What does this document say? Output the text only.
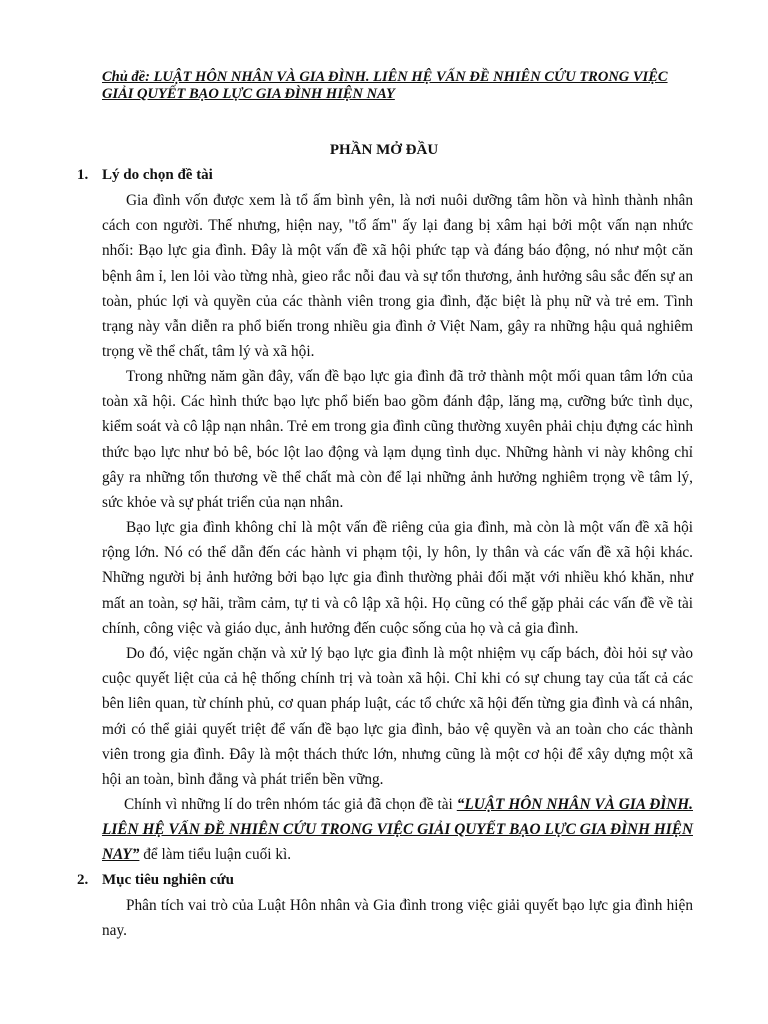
Chủ đề: LUẬT HÔN NHÂN VÀ GIA ĐÌNH. LIÊN HỆ VẤN ĐỀ NHIÊN CỨU TRONG VIỆC GIẢI QUYẾT BẠO LỰC GIA ĐÌNH HIỆN NAY
PHẦN MỞ ĐẦU
1. Lý do chọn đề tài

Gia đình vốn được xem là tổ ấm bình yên, là nơi nuôi dưỡng tâm hồn và hình thành nhân cách con người. Thế nhưng, hiện nay, "tổ ấm" ấy lại đang bị xâm hại bởi một vấn nạn nhức nhối: Bạo lực gia đình. Đây là một vấn đề xã hội phức tạp và đáng báo động, nó như một căn bệnh âm ỉ, len lỏi vào từng nhà, gieo rắc nỗi đau và sự tổn thương, ảnh hưởng sâu sắc đến sự an toàn, phúc lợi và quyền của các thành viên trong gia đình, đặc biệt là phụ nữ và trẻ em. Tình trạng này vẫn diễn ra phổ biến trong nhiều gia đình ở Việt Nam, gây ra những hậu quả nghiêm trọng về thể chất, tâm lý và xã hội.

Trong những năm gần đây, vấn đề bạo lực gia đình đã trở thành một mối quan tâm lớn của toàn xã hội. Các hình thức bạo lực phổ biến bao gồm đánh đập, lăng mạ, cưỡng bức tình dục, kiểm soát và cô lập nạn nhân. Trẻ em trong gia đình cũng thường xuyên phải chịu đựng các hình thức bạo lực như bỏ bê, bóc lột lao động và lạm dụng tình dục. Những hành vi này không chỉ gây ra những tổn thương về thể chất mà còn để lại những ảnh hưởng nghiêm trọng về tâm lý, sức khỏe và sự phát triển của nạn nhân.

Bạo lực gia đình không chỉ là một vấn đề riêng của gia đình, mà còn là một vấn đề xã hội rộng lớn. Nó có thể dẫn đến các hành vi phạm tội, ly hôn, ly thân và các vấn đề xã hội khác. Những người bị ảnh hưởng bởi bạo lực gia đình thường phải đối mặt với nhiều khó khăn, như mất an toàn, sợ hãi, trầm cảm, tự ti và cô lập xã hội. Họ cũng có thể gặp phải các vấn đề về tài chính, công việc và giáo dục, ảnh hưởng đến cuộc sống của họ và cả gia đình.

Do đó, việc ngăn chặn và xử lý bạo lực gia đình là một nhiệm vụ cấp bách, đòi hỏi sự vào cuộc quyết liệt của cả hệ thống chính trị và toàn xã hội. Chỉ khi có sự chung tay của tất cả các bên liên quan, từ chính phủ, cơ quan pháp luật, các tổ chức xã hội đến từng gia đình và cá nhân, mới có thể giải quyết triệt để vấn đề bạo lực gia đình, bảo vệ quyền và an toàn cho các thành viên trong gia đình. Đây là một thách thức lớn, nhưng cũng là một cơ hội để xây dựng một xã hội an toàn, bình đẳng và phát triển bền vững.

Chính vì những lí do trên nhóm tác giả đã chọn đề tài “LUẬT HÔN NHÂN VÀ GIA ĐÌNH. LIÊN HỆ VẤN ĐỀ NHIÊN CỨU TRONG VIỆC GIẢI QUYẾT BẠO LỰC GIA ĐÌNH HIỆN NAY” để làm tiểu luận cuối kì.

2. Mục tiêu nghiên cứu

Phân tích vai trò của Luật Hôn nhân và Gia đình trong việc giải quyết bạo lực gia đình hiện nay.
